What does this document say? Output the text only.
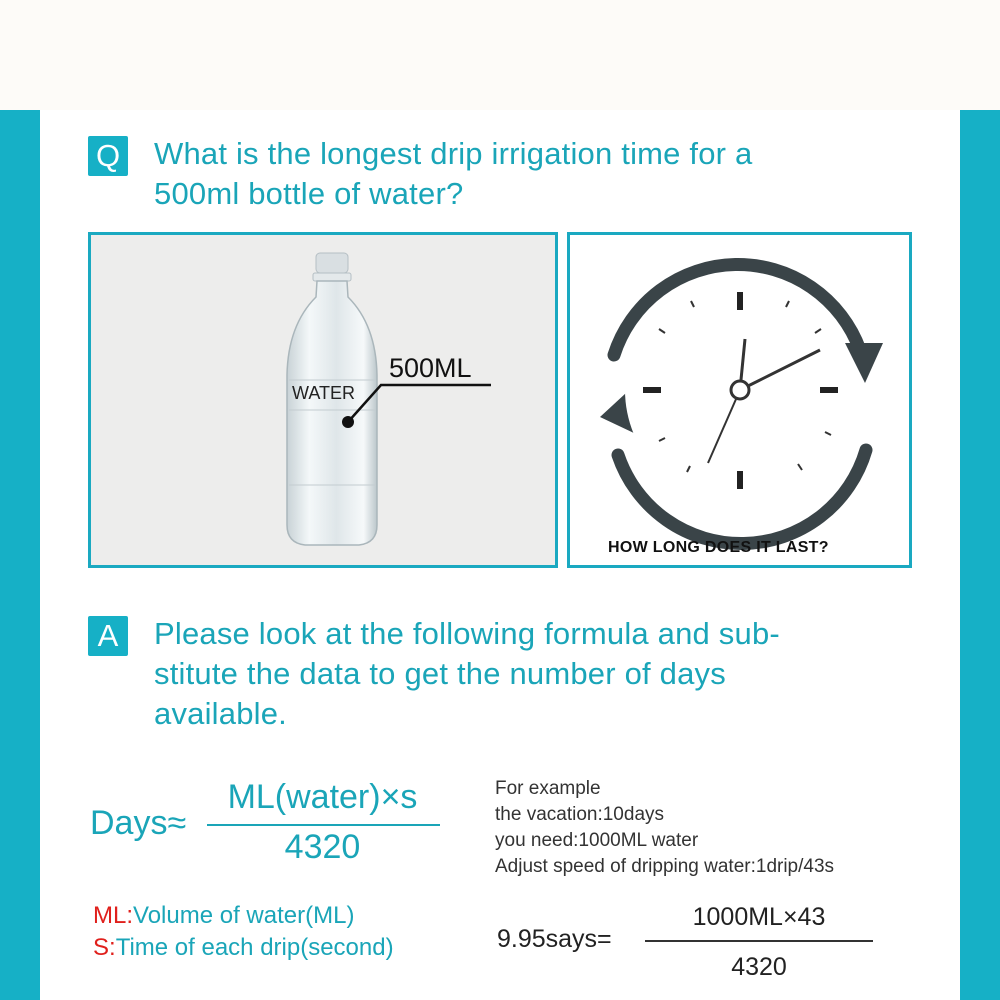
Q What is the longest drip irrigation time for a
500ml bottle of water?
WATER
500ML
HOW LONG DOES IT LAST?
A	Please look at the following formula and sub-
stitute the data to get the number of days
available.
Days≈
ML(water)×s
4320
For example
the vacation:10days
you need:1000ML water
Adjust speed of dripping water:1drip/43s
ML:Volume of water(ML)
S:Time of each drip(second)	9.95says=
1000ML×43
4320
